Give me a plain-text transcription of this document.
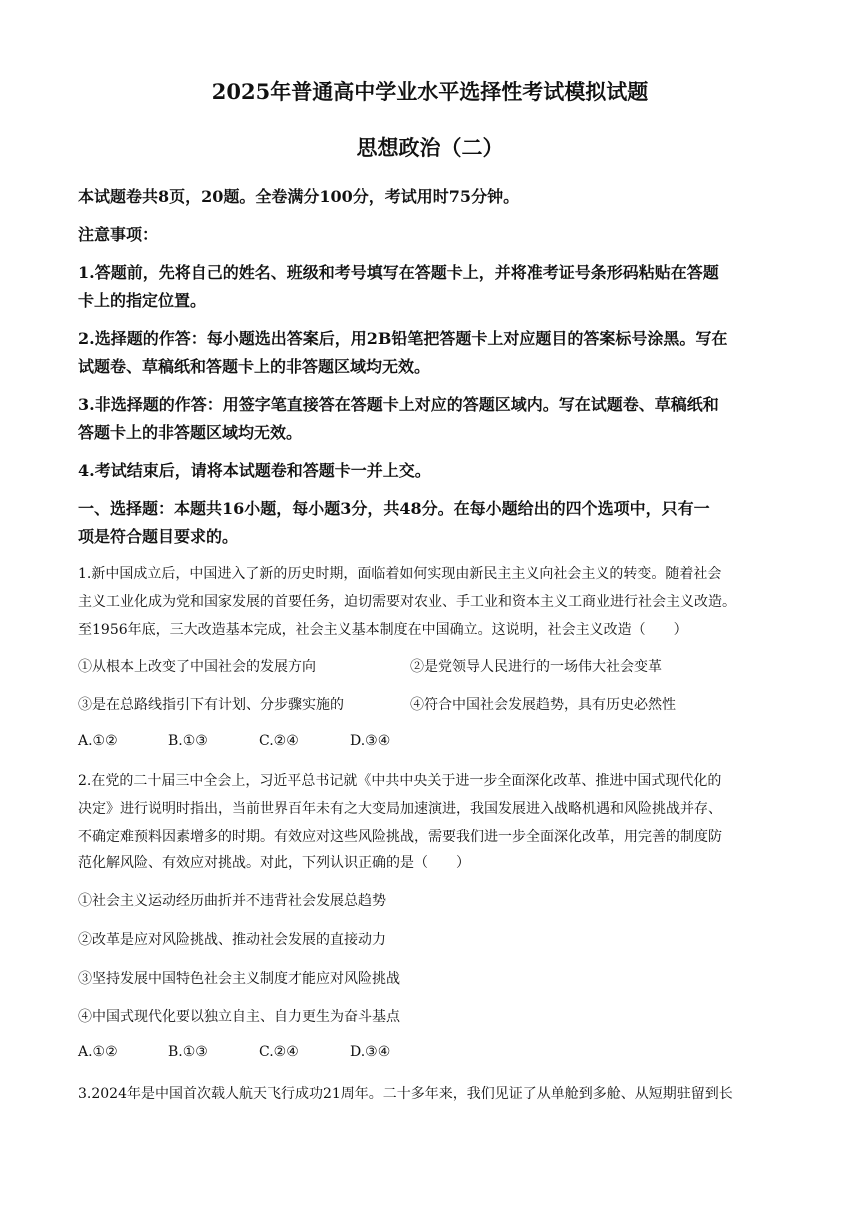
2025年普通高中学业水平选择性考试模拟试题
思想政治（二）
本试题卷共8页，20题。全卷满分100分，考试用时75分钟。
注意事项：
1.答题前，先将自己的姓名、班级和考号填写在答题卡上，并将准考证号条形码粘贴在答题
卡上的指定位置。
2.选择题的作答：每小题选出答案后，用2B铅笔把答题卡上对应题目的答案标号涂黑。写在
试题卷、草稿纸和答题卡上的非答题区域均无效。
3.非选择题的作答：用签字笔直接答在答题卡上对应的答题区域内。写在试题卷、草稿纸和
答题卡上的非答题区域均无效。
4.考试结束后，请将本试题卷和答题卡一并上交。
一、选择题：本题共16小题，每小题3分，共48分。在每小题给出的四个选项中，只有一
项是符合题目要求的。
1.新中国成立后，中国进入了新的历史时期，面临着如何实现由新民主主义向社会主义的转变。随着社会
主义工业化成为党和国家发展的首要任务，迫切需要对农业、手工业和资本主义工商业进行社会主义改造。
至1956年底，三大改造基本完成，社会主义基本制度在中国确立。这说明，社会主义改造（　　）
①从根本上改变了中国社会的发展方向	②是党领导人民进行的一场伟大社会变革
③是在总路线指引下有计划、分步骤实施的	④符合中国社会发展趋势，具有历史必然性
A.①②	B.①③	C.②④	D.③④
2.在党的二十届三中全会上，习近平总书记就《中共中央关于进一步全面深化改革、推进中国式现代化的
决定》进行说明时指出，当前世界百年未有之大变局加速演进，我国发展进入战略机遇和风险挑战并存、
不确定难预料因素增多的时期。有效应对这些风险挑战，需要我们进一步全面深化改革，用完善的制度防
范化解风险、有效应对挑战。对此，下列认识正确的是（　　）
①社会主义运动经历曲折并不违背社会发展总趋势
②改革是应对风险挑战、推动社会发展的直接动力
③坚持发展中国特色社会主义制度才能应对风险挑战
④中国式现代化要以独立自主、自力更生为奋斗基点
A.①②	B.①③	C.②④	D.③④
3.2024年是中国首次载人航天飞行成功21周年。二十多年来，我们见证了从单舱到多舱、从短期驻留到长
